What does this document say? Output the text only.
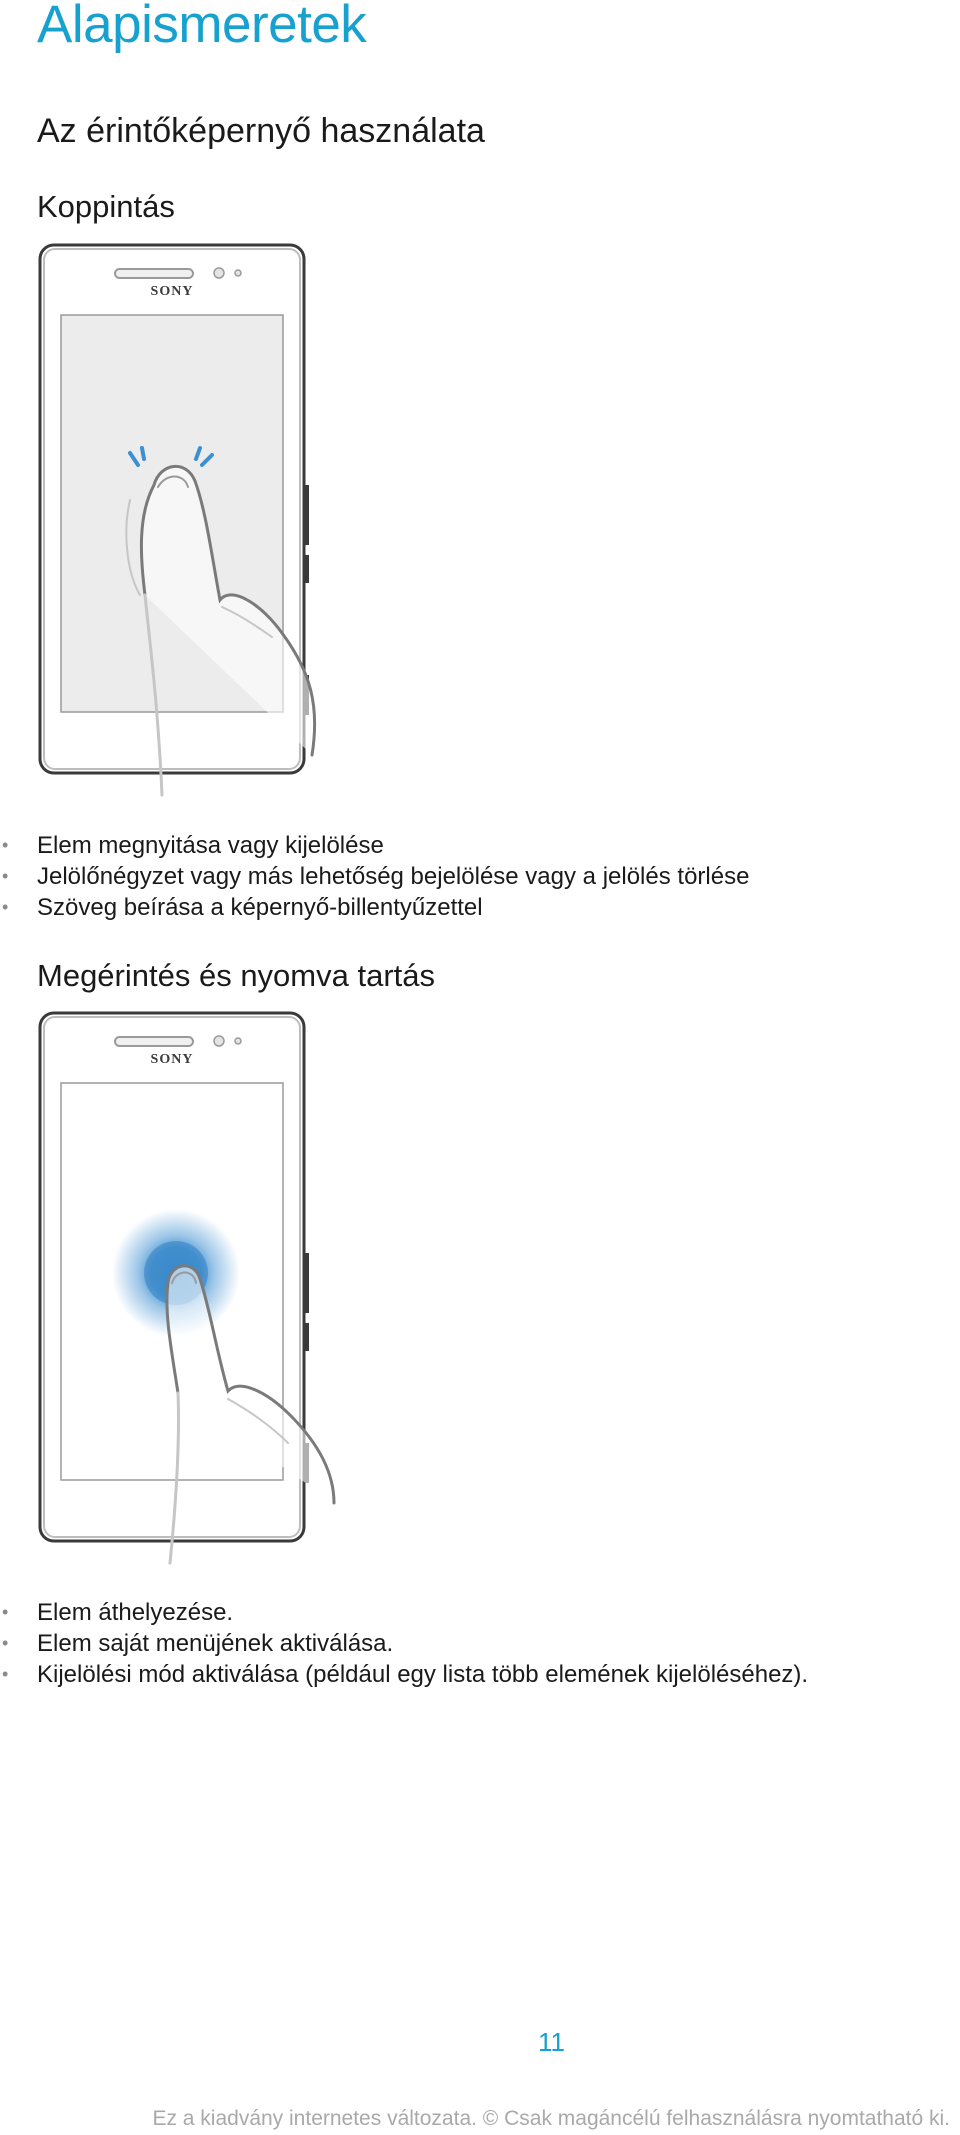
Alapismeretek
Az érintőképernyő használata
Koppintás
SONY
• Elem megnyitása vagy kijelölése
• Jelölőnégyzet vagy más lehetőség bejelölése vagy a jelölés törlése
• Szöveg beírása a képernyő-billentyűzettel
Megérintés és nyomva tartás
SONY
• Elem áthelyezése.
• Elem saját menüjének aktiválása.
• Kijelölési mód aktiválása (például egy lista több elemének kijelöléséhez).
11
Ez a kiadvány internetes változata. © Csak magáncélú felhasználásra nyomtatható ki.
